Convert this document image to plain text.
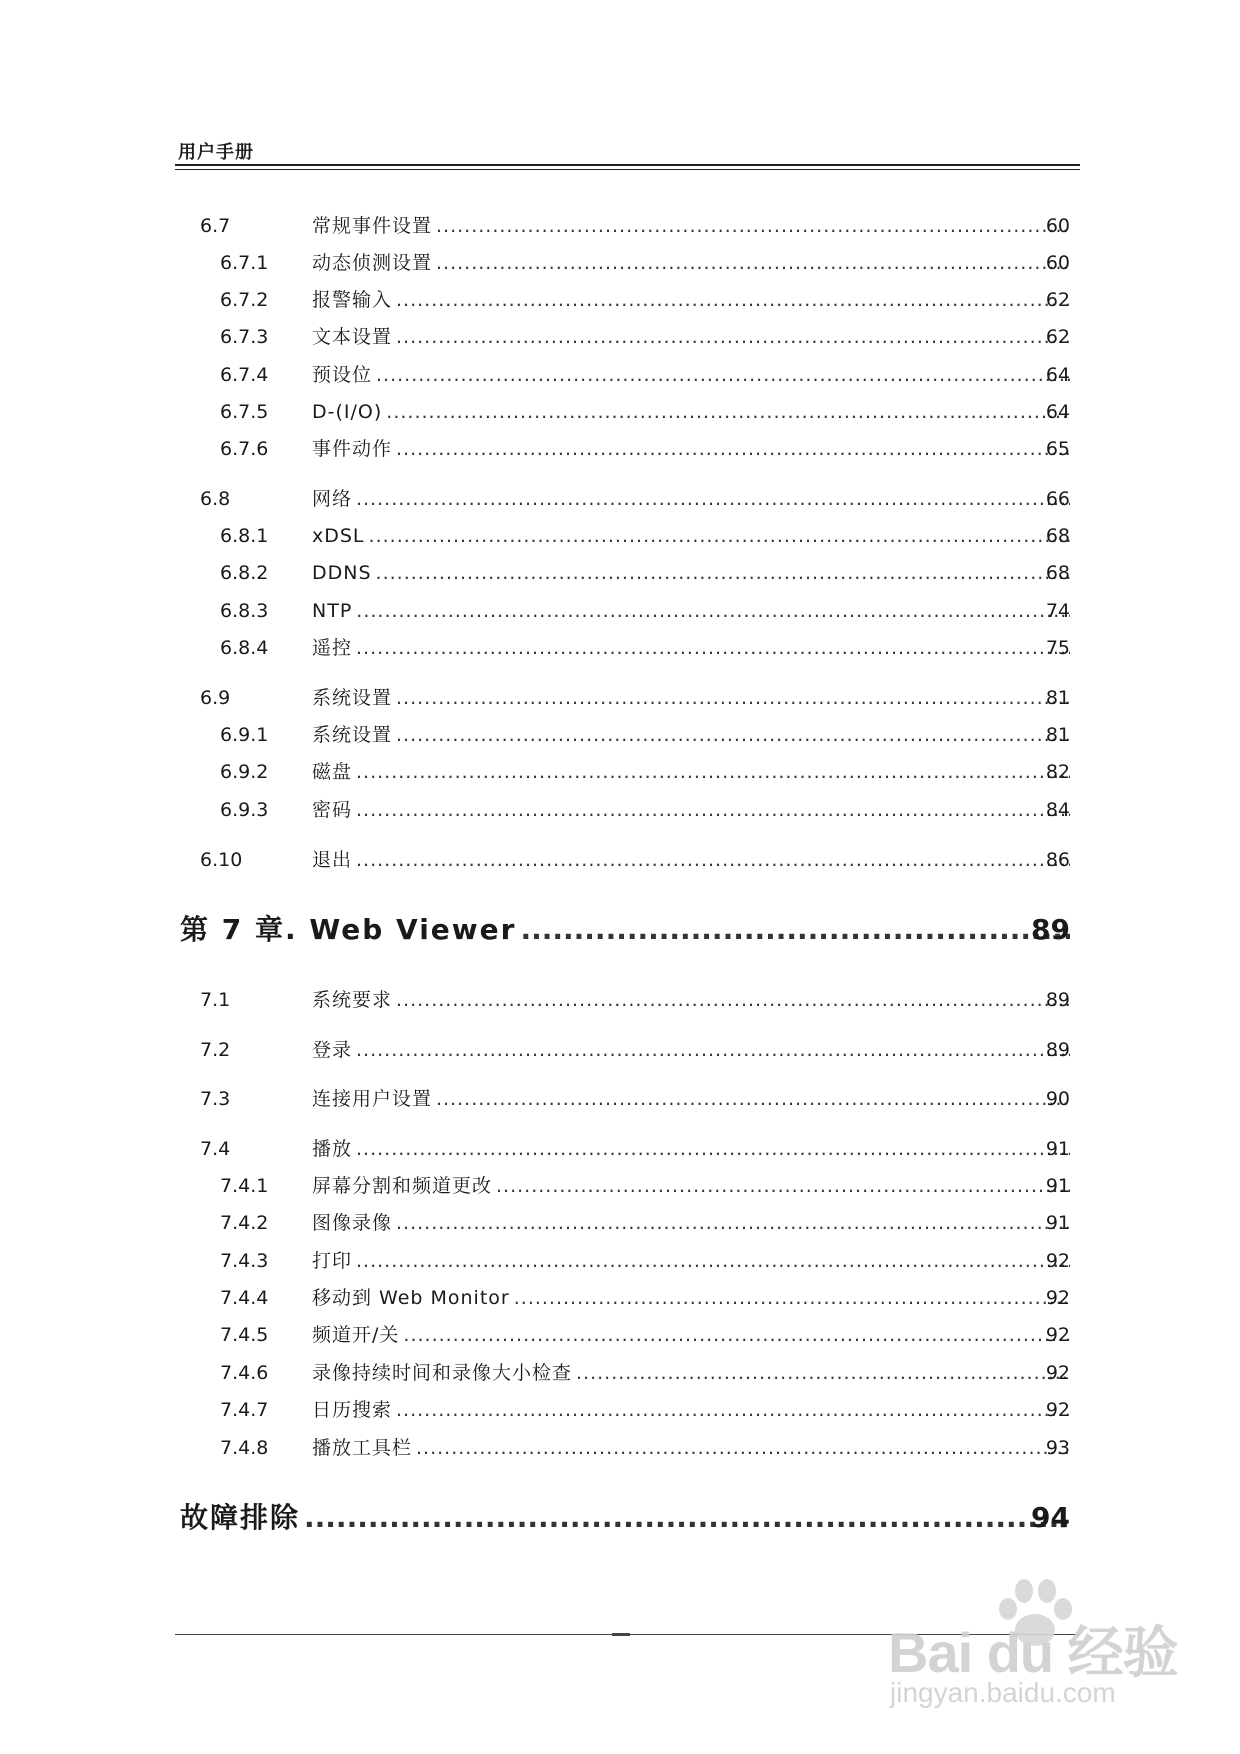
用户手册
6.7	常规事件设置 .....	60
6.7.1 动态侦测设置 .....	60
6.7.2 报警输入 .....	62
6.7.3 文本设置 .....	62
6.7.4 预设位 .....	64
6.7.5 D-(I/O) .....	64
6.7.6 事件动作 .....	65
6.8	网络 .....	66
6.8.1 xDSL .....	68
6.8.2 DDNS .....	68
6.8.3 NTP .....	74
6.8.4 遥控 .....	75
6.9	系统设置 .....	81
6.9.1 系统设置 .....	81
6.9.2 磁盘 .....	82
6.9.3 密码 .....	84
6.10	退出 .....	86
第 7 章. Web Viewer .....	89
7.1	系统要求 .....	89
7.2	登录 .....	89
7.3	连接用户设置 .....	90
7.4	播放 .....	91
7.4.1 屏幕分割和频道更改 .....	91
7.4.2 图像录像 .....	91
7.4.3 打印 .....	92
7.4.4 移动到 Web Monitor .....	92
7.4.5 频道开/关 .....	92
7.4.6 录像持续时间和录像大小检查 .....	92
7.4.7 日历搜索 .....	92
7.4.8 播放工具栏 .....	93
故障排除 .....	94
Bai du 经验
jingyan.baidu.com
